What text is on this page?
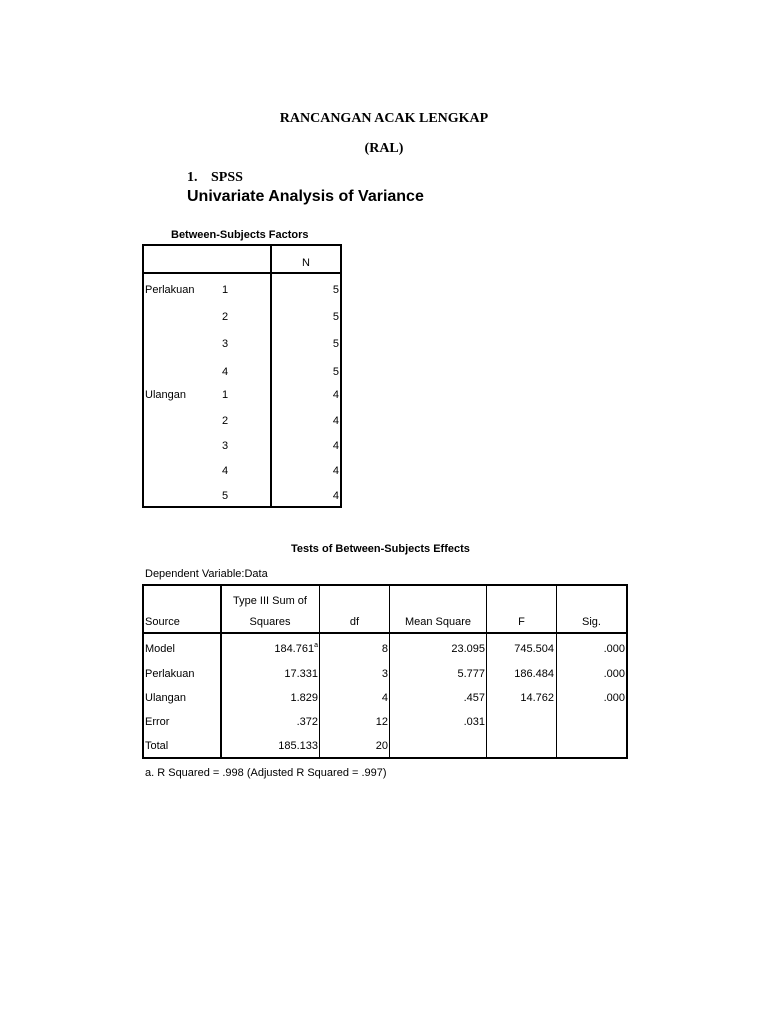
RANCANGAN ACAK LENGKAP
(RAL)
1. SPSS
Univariate Analysis of Variance
Between-Subjects Factors
N
Perlakuan 1	5
2	5
3	5
4	5
Ulangan	1	4
2	4
3	4
4	4
5	4
Tests of Between-Subjects Effects
Dependent Variable:Data
Source
Type III Sum of
Squares	df	Mean Square	F	Sig.
Model	184.761$^a$	8	23.095	745.504	.000
Perlakuan	17.331	3	5.777	186.484	.000
Ulangan	1.829	4	.457	14.762	.000
Error	.372	12	.031
Total	185.133	20
a. R Squared = .998 (Adjusted R Squared = .997)
